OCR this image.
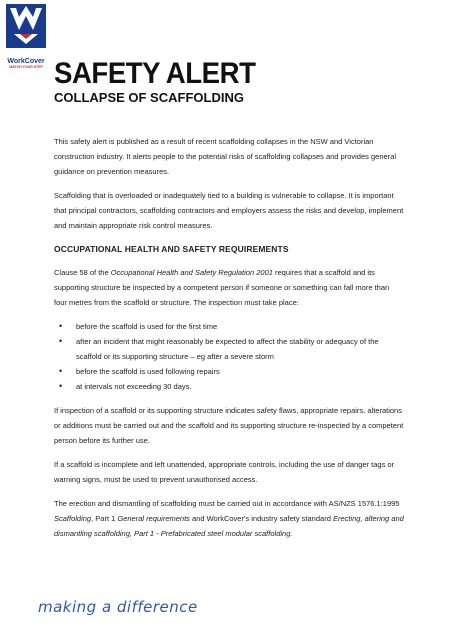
WorkCover
WATCH YOUR STEP SAFETY ALERT
COLLAPSE OF SCAFFOLDING

This safety alert is published as a result of recent scaffolding collapses in the NSW and Victorian construction industry. It alerts people to the potential risks of scaffolding collapses and provides general guidance on prevention measures.

Scaffolding that is overloaded or inadequately tied to a building is vulnerable to collapse. It is important that principal contractors, scaffolding contractors and employers assess the risks and develop, implement and maintain appropriate risk control measures.

OCCUPATIONAL HEALTH AND SAFETY REQUIREMENTS

Clause 58 of the Occupational Health and Safety Regulation 2001 requires that a scaffold and its supporting structure be inspected by a competent person if someone or something can fall more than four metres from the scaffold or structure. The inspection must take place:

• before the scaffold is used for the first time
• after an incident that might reasonably be expected to affect the stability or adequacy of the scaffold or its supporting structure – eg after a severe storm
• before the scaffold is used following repairs
• at intervals not exceeding 30 days.

If inspection of a scaffold or its supporting structure indicates safety flaws, appropriate repairs, alterations or additions must be carried out and the scaffold and its supporting structure re-inspected by a competent person before its further use.

If a scaffold is incomplete and left unattended, appropriate controls, including the use of danger tags or warning signs, must be used to prevent unauthorised access.

The erection and dismantling of scaffolding must be carried out in accordance with AS/NZS 1576.1:1995 Scaffolding, Part 1 General requirements and WorkCover's industry safety standard Erecting, altering and dismantling scaffolding, Part 1 - Prefabricated steel modular scaffolding.

making a difference
